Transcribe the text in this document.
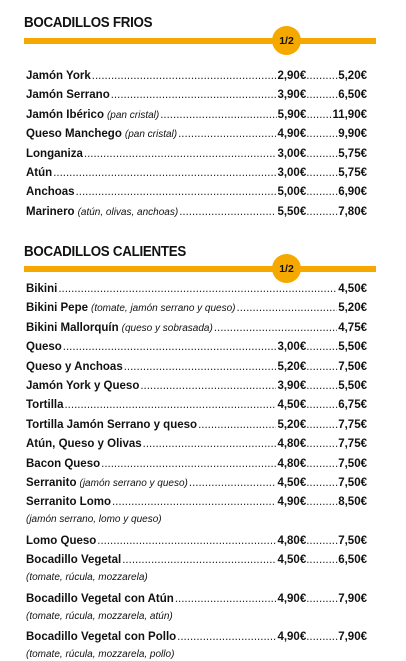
BOCADILLOS FRIOS
1/2
Jamón York .....	2,90€ .....	5,20€
Jamón Serrano .....	3,90€ .....	6,50€
Jamón Ibérico (pan cristal) .....	5,90€ ..... 11,90€
Queso Manchego (pan cristal) .....	4,90€ .....	9,90€
Longaniza .....	3,00€ .....	5,75€
Atún .....	3,00€ .....	5,75€
Anchoas .....	5,00€ .....	6,90€
Marinero (atún, olivas, anchoas) .....	5,50€ .....	7,80€
BOCADILLOS CALIENTES
1/2
Bikini .....	4,50€
Bikini Pepe (tomate, jamón serrano y queso) .....	5,20€
Bikini Mallorquín (queso y sobrasada) .....	4,75€
Queso .....	3,00€ .....	5,50€
Queso y Anchoas .....	5,20€ .....	7,50€
Jamón York y Queso .....	3,90€ .....	5,50€
Tortilla .....	4,50€ .....	6,75€
Tortilla Jamón Serrano y queso .....	5,20€ .....	7,75€
Atún, Queso y Olivas .....	4,80€ .....	7,75€
Bacon Queso .....	4,80€ .....	7,50€
Serranito (jamón serrano y queso) .....	4,50€ .....	7,50€
Serranito Lomo .....	4,90€ .....	8,50€
(jamón serrano, lomo y queso)
Lomo Queso .....	4,80€ .....	7,50€
Bocadillo Vegetal .....	4,50€ .....	6,50€
(tomate, rúcula, mozzarela)
Bocadillo Vegetal con Atún .....	4,90€ .....	7,90€
(tomate, rúcula, mozzarela, atún)
Bocadillo Vegetal con Pollo .....	4,90€ .....	7,90€
(tomate, rúcula, mozzarela, pollo)
